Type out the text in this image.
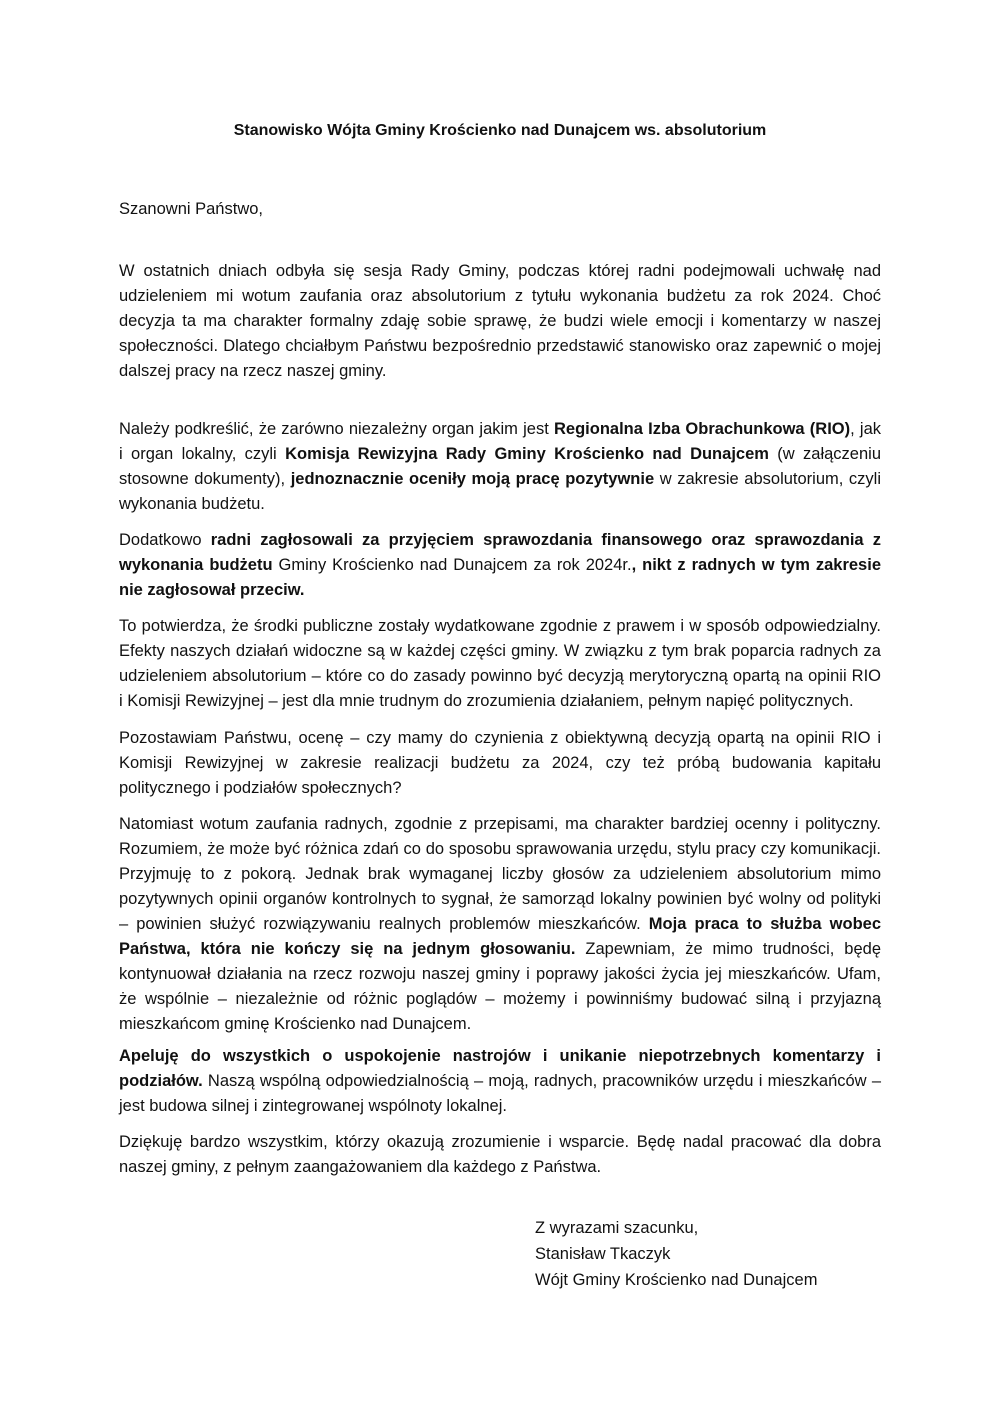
Stanowisko Wójta Gminy Krościenko nad Dunajcem ws. absolutorium
Szanowni Państwo,

W ostatnich dniach odbyła się sesja Rady Gminy, podczas której radni podejmowali uchwałę nad udzieleniem mi wotum zaufania oraz absolutorium z tytułu wykonania budżetu za rok 2024. Choć decyzja ta ma charakter formalny zdaję sobie sprawę, że budzi wiele emocji i komentarzy w naszej społeczności. Dlatego chciałbym Państwu bezpośrednio przedstawić stanowisko oraz zapewnić o mojej dalszej pracy na rzecz naszej gminy.

Należy podkreślić, że zarówno niezależny organ jakim jest Regionalna Izba Obrachunkowa (RIO), jak i organ lokalny, czyli Komisja Rewizyjna Rady Gminy Krościenko nad Dunajcem (w załączeniu stosowne dokumenty), jednoznacznie oceniły moją pracę pozytywnie w zakresie absolutorium, czyli wykonania budżetu.

Dodatkowo radni zagłosowali za przyjęciem sprawozdania finansowego oraz sprawozdania z wykonania budżetu Gminy Krościenko nad Dunajcem za rok 2024r., nikt z radnych w tym zakresie nie zagłosował przeciw.

To potwierdza, że środki publiczne zostały wydatkowane zgodnie z prawem i w sposób odpowiedzialny. Efekty naszych działań widoczne są w każdej części gminy. W związku z tym brak poparcia radnych za udzieleniem absolutorium – które co do zasady powinno być decyzją merytoryczną opartą na opinii RIO i Komisji Rewizyjnej – jest dla mnie trudnym do zrozumienia działaniem, pełnym napięć politycznych.

Pozostawiam Państwu, ocenę – czy mamy do czynienia z obiektywną decyzją opartą na opinii RIO i Komisji Rewizyjnej w zakresie realizacji budżetu za 2024, czy też próbą budowania kapitału politycznego i podziałów społecznych?

Natomiast wotum zaufania radnych, zgodnie z przepisami, ma charakter bardziej ocenny i polityczny. Rozumiem, że może być różnica zdań co do sposobu sprawowania urzędu, stylu pracy czy komunikacji. Przyjmuję to z pokorą. Jednak brak wymaganej liczby głosów za udzieleniem absolutorium mimo pozytywnych opinii organów kontrolnych to sygnał, że samorząd lokalny powinien być wolny od polityki – powinien służyć rozwiązywaniu realnych problemów mieszkańców. Moja praca to służba wobec Państwa, która nie kończy się na jednym głosowaniu. Zapewniam, że mimo trudności, będę kontynuował działania na rzecz rozwoju naszej gminy i poprawy jakości życia jej mieszkańców. Ufam, że wspólnie – niezależnie od różnic poglądów – możemy i powinniśmy budować silną i przyjazną mieszkańcom gminę Krościenko nad Dunajcem.

Apeluję do wszystkich o uspokojenie nastrojów i unikanie niepotrzebnych komentarzy i podziałów. Naszą wspólną odpowiedzialnością – moją, radnych, pracowników urzędu i mieszkańców – jest budowa silnej i zintegrowanej wspólnoty lokalnej.

Dziękuję bardzo wszystkim, którzy okazują zrozumienie i wsparcie. Będę nadal pracować dla dobra naszej gminy, z pełnym zaangażowaniem dla każdego z Państwa.

Z wyrazami szacunku,
Stanisław Tkaczyk
Wójt Gminy Krościenko nad Dunajcem
